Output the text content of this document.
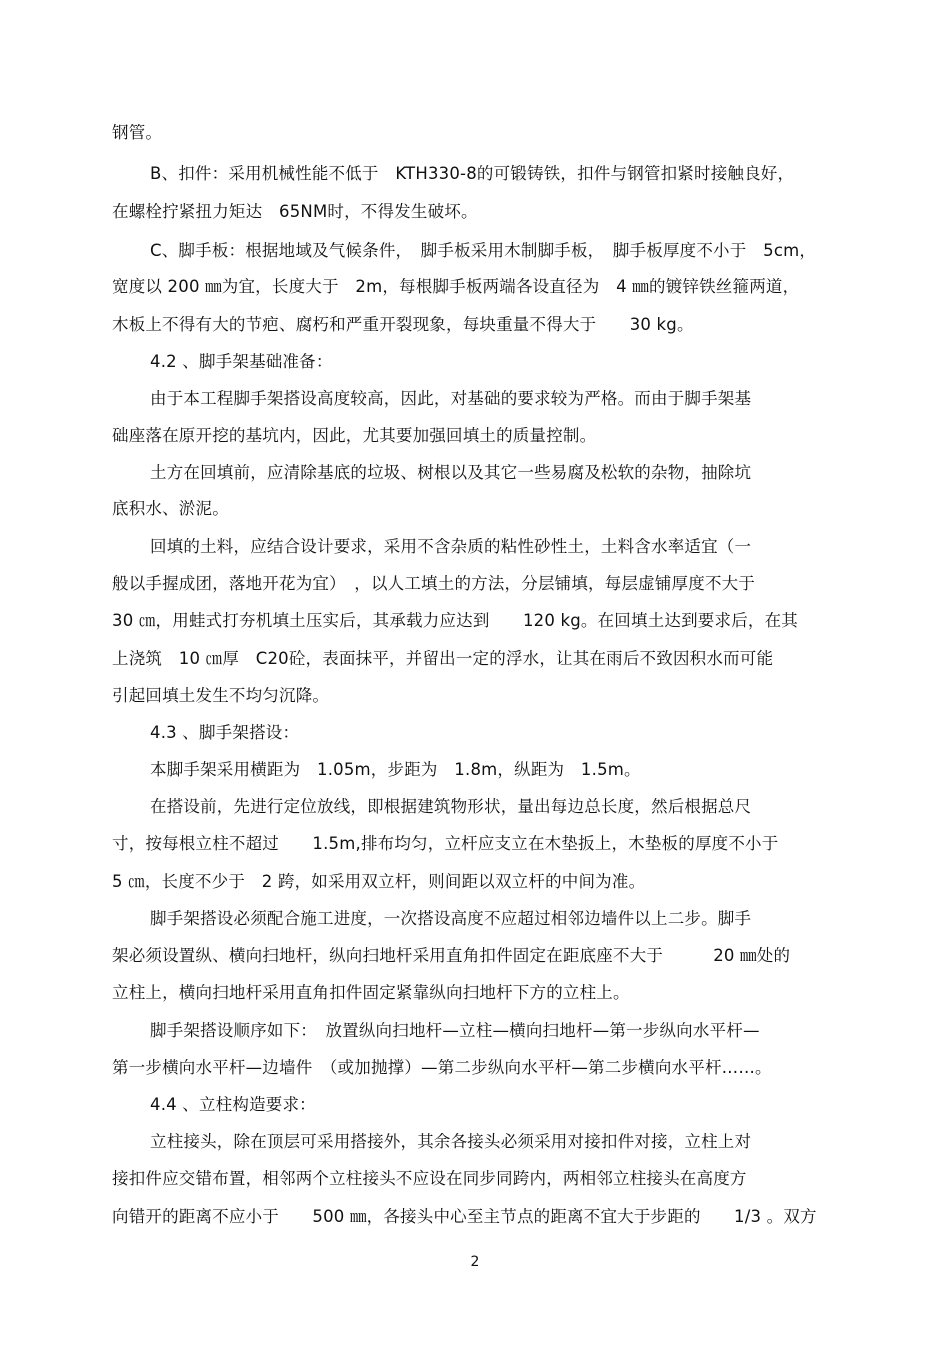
钢管。
B、扣件：采用机械性能不低于　KTH330-8的可锻铸铁，扣件与钢管扣紧时接触良好，
在螺栓拧紧扭力矩达　65NM时，不得发生破坏。
C、脚手板：根据地域及气候条件，　脚手板采用木制脚手板，　脚手板厚度不小于　5cm，
宽度以 200 ㎜为宜，长度大于　2m，每根脚手板两端各设直径为　4 ㎜的镀锌铁丝箍两道，
木板上不得有大的节疤、腐朽和严重开裂现象，每块重量不得大于　　30 kg。
4.2 、脚手架基础准备：
由于本工程脚手架搭设高度较高，因此，对基础的要求较为严格。而由于脚手架基
础座落在原开挖的基坑内，因此，尤其要加强回填土的质量控制。
土方在回填前，应清除基底的垃圾、树根以及其它一些易腐及松软的杂物，抽除坑
底积水、淤泥。
回填的土料，应结合设计要求，采用不含杂质的粘性砂性土，土料含水率适宜（一
般以手握成团，落地开花为宜）　，以人工填土的方法，分层铺填，每层虚铺厚度不大于
30 ㎝，用蛙式打夯机填土压实后，其承载力应达到　　120 kg。在回填土达到要求后，在其
上浇筑　10 ㎝厚　C20砼，表面抹平，并留出一定的浮水，让其在雨后不致因积水而可能
引起回填土发生不均匀沉降。
4.3 、脚手架搭设：
本脚手架采用横距为　1.05m，步距为　1.8m，纵距为　1.5m。
在搭设前，先进行定位放线，即根据建筑物形状，量出每边总长度，然后根据总尺
寸，按每根立柱不超过　　1.5m,排布均匀，立杆应支立在木垫扳上，木垫板的厚度不小于
5 ㎝，长度不少于　2 跨，如采用双立杆，则间距以双立杆的中间为准。
脚手架搭设必须配合施工进度，一次搭设高度不应超过相邻边墙件以上二步。脚手
架必须设置纵、横向扫地杆，纵向扫地杆采用直角扣件固定在距底座不大于　　　20 ㎜处的
立柱上，横向扫地杆采用直角扣件固定紧靠纵向扫地杆下方的立柱上。
脚手架搭设顺序如下：　放置纵向扫地杆—立柱—横向扫地杆—第一步纵向水平杆—
第一步横向水平杆—边墙件　（或加抛撑）—第二步纵向水平杆—第二步横向水平杆……。
4.4 、立柱构造要求：
立柱接头，除在顶层可采用搭接外，其余各接头必须采用对接扣件对接，立柱上对
接扣件应交错布置，相邻两个立柱接头不应设在同步同跨内，两相邻立柱接头在高度方
向错开的距离不应小于　　500 ㎜，各接头中心至主节点的距离不宜大于步距的　　1/3 。双方
2
